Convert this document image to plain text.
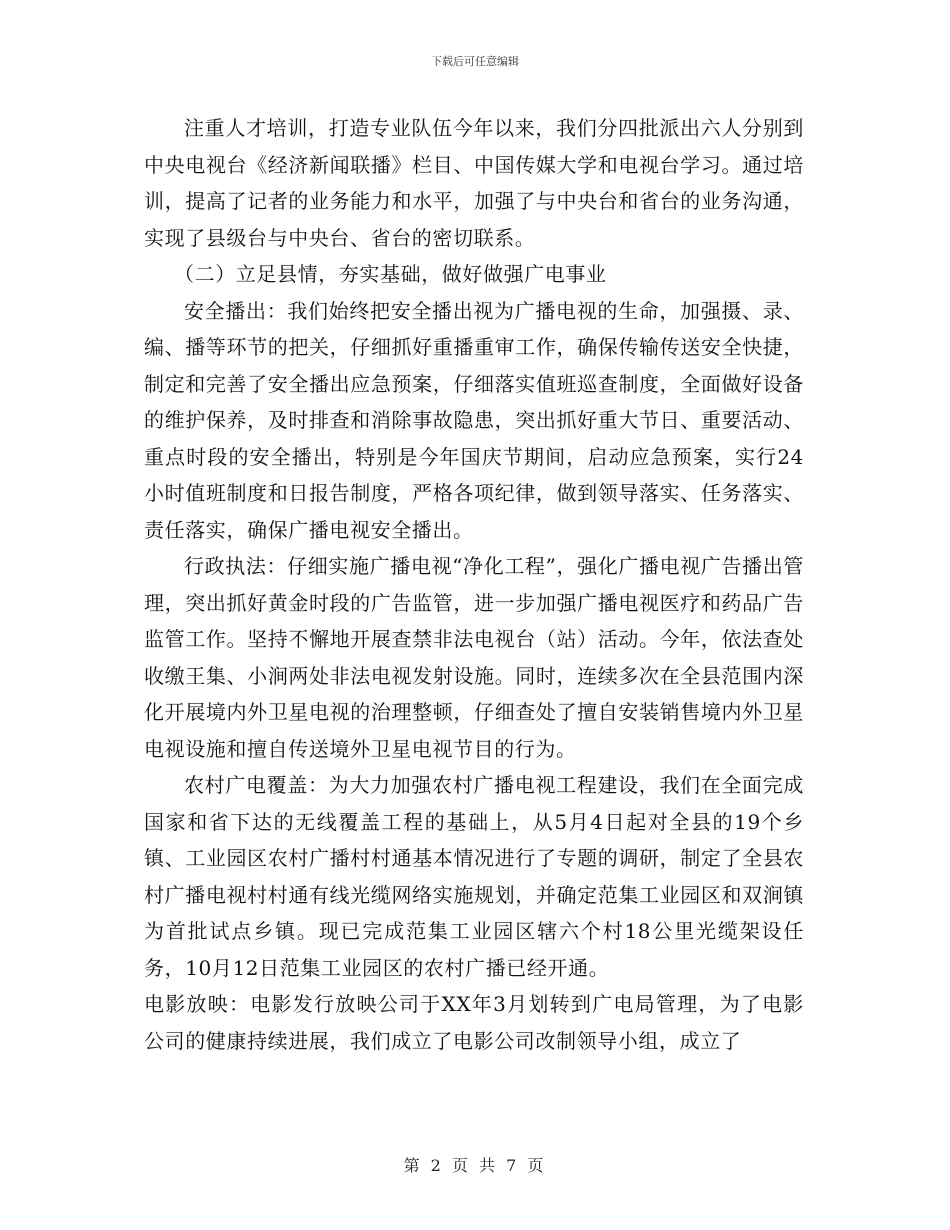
下载后可任意编辑

注重人才培训，打造专业队伍今年以来，我们分四批派出六人分别到中央电视台《经济新闻联播》栏目、中国传媒大学和电视台学习。通过培训，提高了记者的业务能力和水平，加强了与中央台和省台的业务沟通，实现了县级台与中央台、省台的密切联系。

（二）立足县情，夯实基础，做好做强广电事业

安全播出：我们始终把安全播出视为广播电视的生命，加强摄、录、编、播等环节的把关，仔细抓好重播重审工作，确保传输传送安全快捷，制定和完善了安全播出应急预案，仔细落实值班巡查制度，全面做好设备的维护保养，及时排查和消除事故隐患，突出抓好重大节日、重要活动、重点时段的安全播出，特别是今年国庆节期间，启动应急预案，实行24小时值班制度和日报告制度，严格各项纪律，做到领导落实、任务落实、责任落实，确保广播电视安全播出。

行政执法：仔细实施广播电视“净化工程”，强化广播电视广告播出管理，突出抓好黄金时段的广告监管，进一步加强广播电视医疗和药品广告监管工作。坚持不懈地开展查禁非法电视台（站）活动。今年，依法查处收缴王集、小涧两处非法电视发射设施。同时，连续多次在全县范围内深化开展境内外卫星电视的治理整顿，仔细查处了擅自安装销售境内外卫星电视设施和擅自传送境外卫星电视节目的行为。

农村广电覆盖：为大力加强农村广播电视工程建设，我们在全面完成国家和省下达的无线覆盖工程的基础上，从5月4日起对全县的19个乡镇、工业园区农村广播村村通基本情况进行了专题的调研，制定了全县农村广播电视村村通有线光缆网络实施规划，并确定范集工业园区和双涧镇为首批试点乡镇。现已完成范集工业园区辖六个村18公里光缆架设任务，10月12日范集工业园区的农村广播已经开通。

电影放映：电影发行放映公司于XX年3月划转到广电局管理，为了电影公司的健康持续进展，我们成立了电影公司改制领导小组，成立了

第 2 页 共 7 页
